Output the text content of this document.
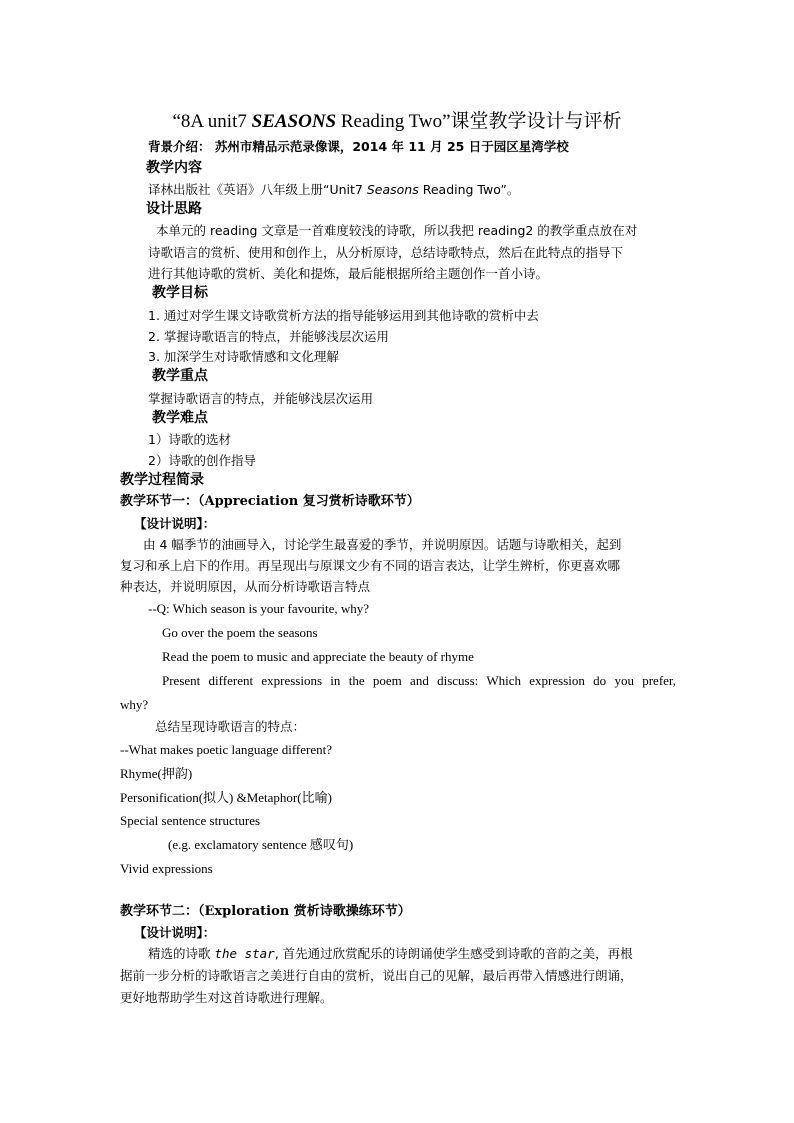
“8A unit7 SEASONS Reading Two”课堂教学设计与评析
背景介绍： 苏州市精品示范录像课，2014 年 11 月 25 日于园区星湾学校
教学内容
译林出版社《英语》八年级上册“Unit7 Seasons Reading Two”。
设计思路
本单元的 reading 文章是一首难度较浅的诗歌，所以我把 reading2 的教学重点放在对
诗歌语言的赏析、使用和创作上，从分析原诗，总结诗歌特点，然后在此特点的指导下
进行其他诗歌的赏析、美化和提炼，最后能根据所给主题创作一首小诗。
教学目标
1. 通过对学生课文诗歌赏析方法的指导能够运用到其他诗歌的赏析中去
2. 掌握诗歌语言的特点，并能够浅层次运用
3. 加深学生对诗歌情感和文化理解
教学重点
掌握诗歌语言的特点，并能够浅层次运用
教学难点
1）诗歌的选材
2）诗歌的创作指导
教学过程简录
教学环节一：（Appreciation 复习赏析诗歌环节）
【设计说明】：
由 4 幅季节的油画导入，讨论学生最喜爱的季节，并说明原因。话题与诗歌相关，起到
复习和承上启下的作用。再呈现出与原课文少有不同的语言表达，让学生辨析，你更喜欢哪
种表达，并说明原因，从而分析诗歌语言特点
--Q: Which season is your favourite, why?
Go over the poem the seasons
Read the poem to music and appreciate the beauty of rhyme
Present different expressions in the poem and discuss: Which expression do you prefer,
why?
总结呈现诗歌语言的特点：
--What makes poetic language different?
Rhyme(押韵)
Personification(拟人) &Metaphor(比喻)
Special sentence structures
(e.g. exclamatory sentence 感叹句)
Vivid expressions
教学环节二：（Exploration 赏析诗歌操练环节）
【设计说明】：
精选的诗歌 the star, 首先通过欣赏配乐的诗朗诵使学生感受到诗歌的音韵之美，再根
据前一步分析的诗歌语言之美进行自由的赏析，说出自己的见解，最后再带入情感进行朗诵，
更好地帮助学生对这首诗歌进行理解。
